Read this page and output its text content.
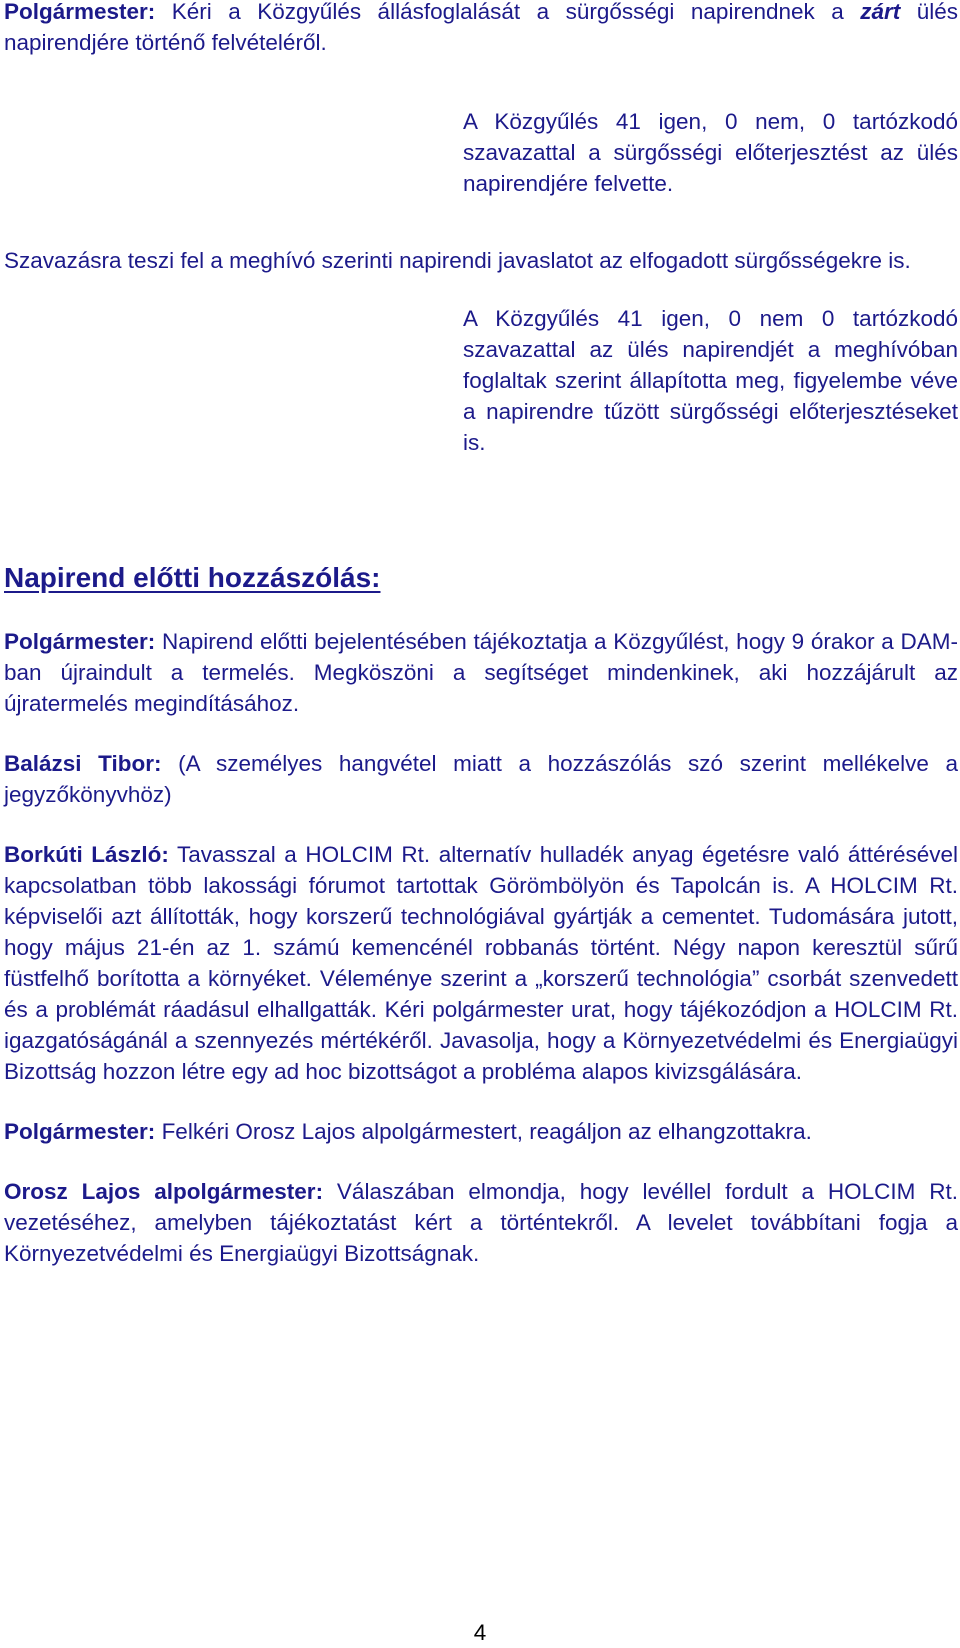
Polgármester: Kéri a Közgyűlés állásfoglalását a sürgősségi napirendnek a zárt ülés napirendjére történő felvételéről.

A Közgyűlés 41 igen, 0 nem, 0 tartózkodó szavazattal a sürgősségi előterjesztést az ülés napirendjére felvette.

Szavazásra teszi fel a meghívó szerinti napirendi javaslatot az elfogadott sürgősségekre is.

A Közgyűlés 41 igen, 0 nem 0 tartózkodó szavazattal az ülés napirendjét a meghívóban foglaltak szerint állapította meg, figyelembe véve a napirendre tűzött sürgősségi előterjesztéseket is.

Napirend előtti hozzászólás:

Polgármester: Napirend előtti bejelentésében tájékoztatja a Közgyűlést, hogy 9 órakor a DAM-ban újraindult a termelés. Megköszöni a segítséget mindenkinek, aki hozzájárult az újratermelés megindításához.

Balázsi Tibor: (A személyes hangvétel miatt a hozzászólás szó szerint mellékelve a jegyzőkönyvhöz)

Borkúti László: Tavasszal a HOLCIM Rt. alternatív hulladék anyag égetésre való áttérésével kapcsolatban több lakossági fórumot tartottak Görömbölyön és Tapolcán is. A HOLCIM Rt. képviselői azt állították, hogy korszerű technológiával gyártják a cementet. Tudomására jutott, hogy május 21-én az 1. számú kemencénél robbanás történt. Négy napon keresztül sűrű füstfelhő borította a környéket. Véleménye szerint a „korszerű technológia” csorbát szenvedett és a problémát ráadásul elhallgatták. Kéri polgármester urat, hogy tájékozódjon a HOLCIM Rt. igazgatóságánál a szennyezés mértékéről. Javasolja, hogy a Környezetvédelmi és Energiaügyi Bizottság hozzon létre egy ad hoc bizottságot a probléma alapos kivizsgálására.

Polgármester: Felkéri Orosz Lajos alpolgármestert, reagáljon az elhangzottakra.

Orosz Lajos alpolgármester: Válaszában elmondja, hogy levéllel fordult a HOLCIM Rt. vezetéséhez, amelyben tájékoztatást kért a történtekről. A levelet továbbítani fogja a Környezetvédelmi és Energiaügyi Bizottságnak.

4
